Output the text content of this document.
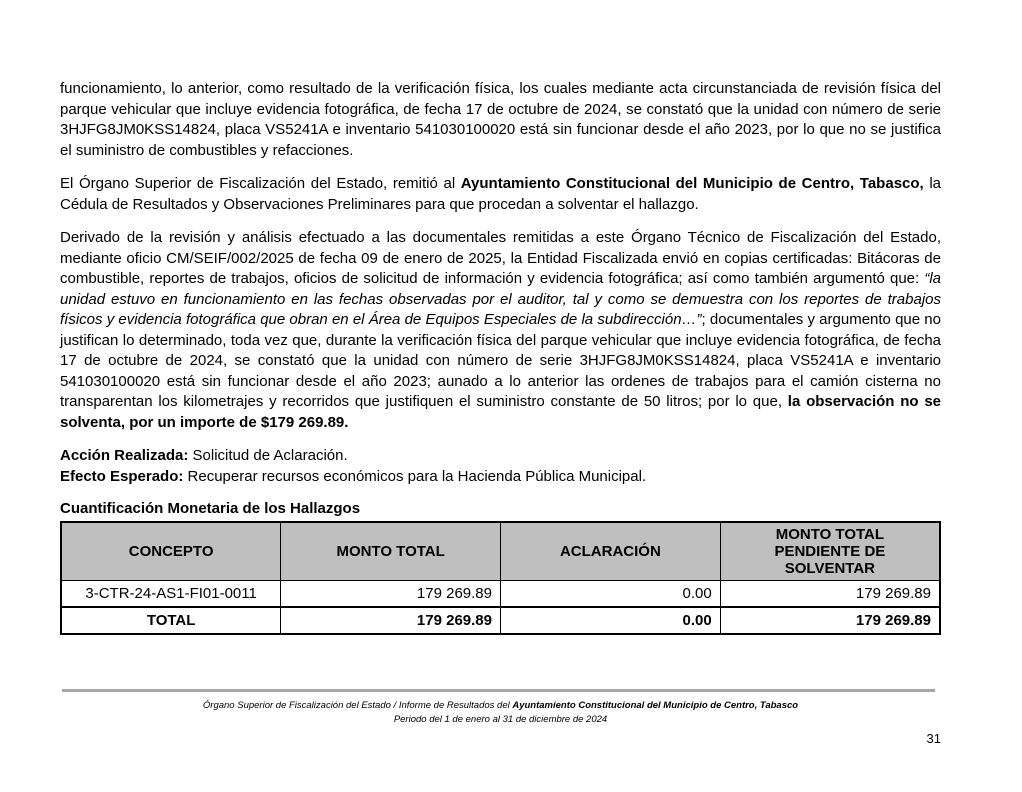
funcionamiento, lo anterior, como resultado de la verificación física, los cuales mediante acta circunstanciada de revisión física del parque vehicular que incluye evidencia fotográfica, de fecha 17 de octubre de 2024, se constató que la unidad con número de serie 3HJFG8JM0KSS14824, placa VS5241A e inventario 541030100020 está sin funcionar desde el año 2023, por lo que no se justifica el suministro de combustibles y refacciones.

El Órgano Superior de Fiscalización del Estado, remitió al Ayuntamiento Constitucional del Municipio de Centro, Tabasco, la Cédula de Resultados y Observaciones Preliminares para que procedan a solventar el hallazgo.

Derivado de la revisión y análisis efectuado a las documentales remitidas a este Órgano Técnico de Fiscalización del Estado, mediante oficio CM/SEIF/002/2025 de fecha 09 de enero de 2025, la Entidad Fiscalizada envió en copias certificadas: Bitácoras de combustible, reportes de trabajos, oficios de solicitud de información y evidencia fotográfica; así como también argumentó que: “la unidad estuvo en funcionamiento en las fechas observadas por el auditor, tal y como se demuestra con los reportes de trabajos físicos y evidencia fotográfica que obran en el Área de Equipos Especiales de la subdirección…”; documentales y argumento que no justifican lo determinado, toda vez que, durante la verificación física del parque vehicular que incluye evidencia fotográfica, de fecha 17 de octubre de 2024, se constató que la unidad con número de serie 3HJFG8JM0KSS14824, placa VS5241A e inventario 541030100020 está sin funcionar desde el año 2023; aunado a lo anterior las ordenes de trabajos para el camión cisterna no transparentan los kilometrajes y recorridos que justifiquen el suministro constante de 50 litros; por lo que, la observación no se solventa, por un importe de $179 269.89.

Acción Realizada: Solicitud de Aclaración.

Efecto Esperado: Recuperar recursos económicos para la Hacienda Pública Municipal.

Cuantificación Monetaria de los Hallazgos
CONCEPTO	MONTO TOTAL	ACLARACIÓN	MONTO TOTAL PENDIENTE DE SOLVENTAR
3-CTR-24-AS1-FI01-0011	179 269.89	0.00	179 269.89
TOTAL	179 269.89	0.00	179 269.89
Órgano Superior de Fiscalización del Estado / Informe de Resultados del Ayuntamiento Constitucional del Municipio de Centro, Tabasco
Periodo del 1 de enero al 31 de diciembre de 2024
31
